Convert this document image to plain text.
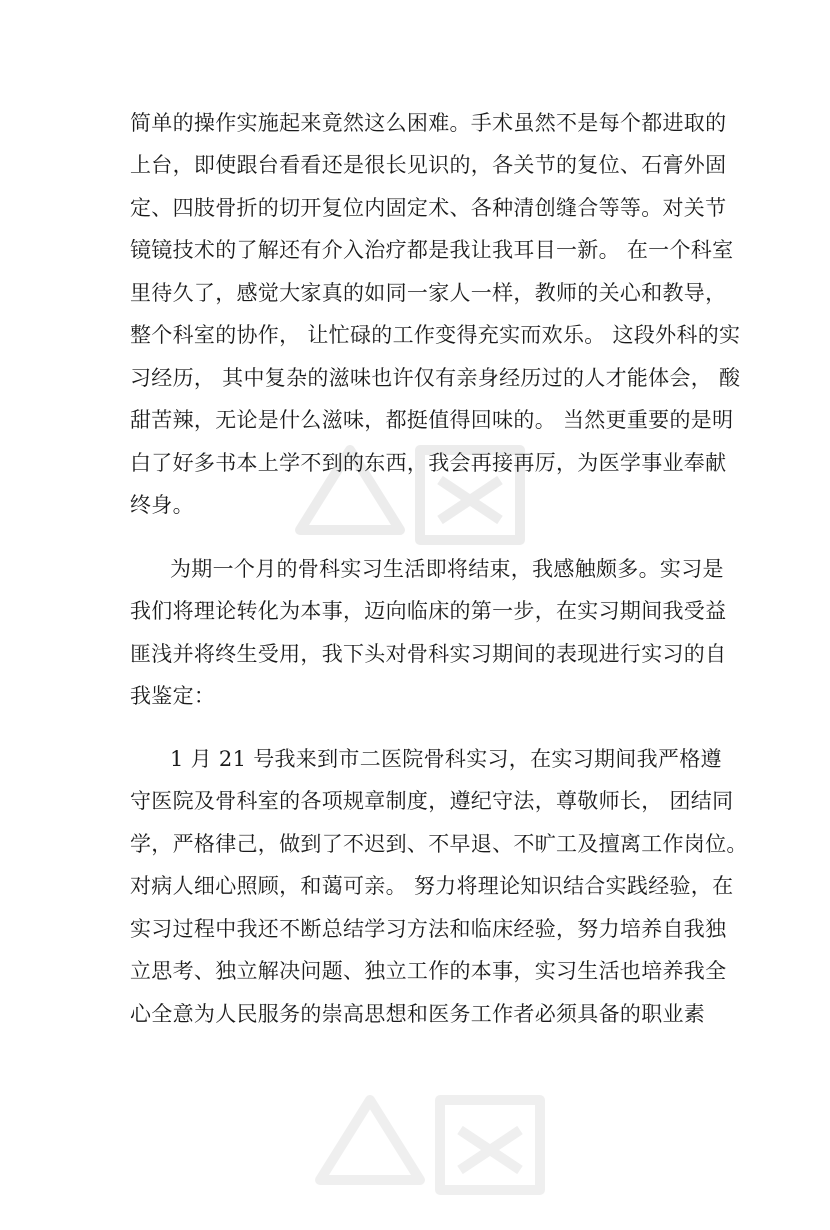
简单的操作实施起来竟然这么困难。手术虽然不是每个都进取的
上台，即使跟台看看还是很长见识的，各关节的复位、石膏外固
定、四肢骨折的切开复位内固定术、各种清创缝合等等。对关节
镜镜技术的了解还有介入治疗都是我让我耳目一新。 在一个科室
里待久了，感觉大家真的如同一家人一样，教师的关心和教导，
整个科室的协作， 让忙碌的工作变得充实而欢乐。 这段外科的实
习经历， 其中复杂的滋味也许仅有亲身经历过的人才能体会， 酸
甜苦辣，无论是什么滋味，都挺值得回味的。 当然更重要的是明
白了好多书本上学不到的东西，我会再接再厉，为医学事业奉献
终身。
为期一个月的骨科实习生活即将结束，我感触颇多。实习是
我们将理论转化为本事，迈向临床的第一步，在实习期间我受益
匪浅并将终生受用，我下头对骨科实习期间的表现进行实习的自
我鉴定：
1 月 21 号我来到市二医院骨科实习，在实习期间我严格遵
守医院及骨科室的各项规章制度，遵纪守法，尊敬师长， 团结同
学，严格律己，做到了不迟到、不早退、不旷工及擅离工作岗位。
对病人细心照顾，和蔼可亲。 努力将理论知识结合实践经验，在
实习过程中我还不断总结学习方法和临床经验，努力培养自我独
立思考、独立解决问题、独立工作的本事，实习生活也培养我全
心全意为人民服务的崇高思想和医务工作者必须具备的职业素
